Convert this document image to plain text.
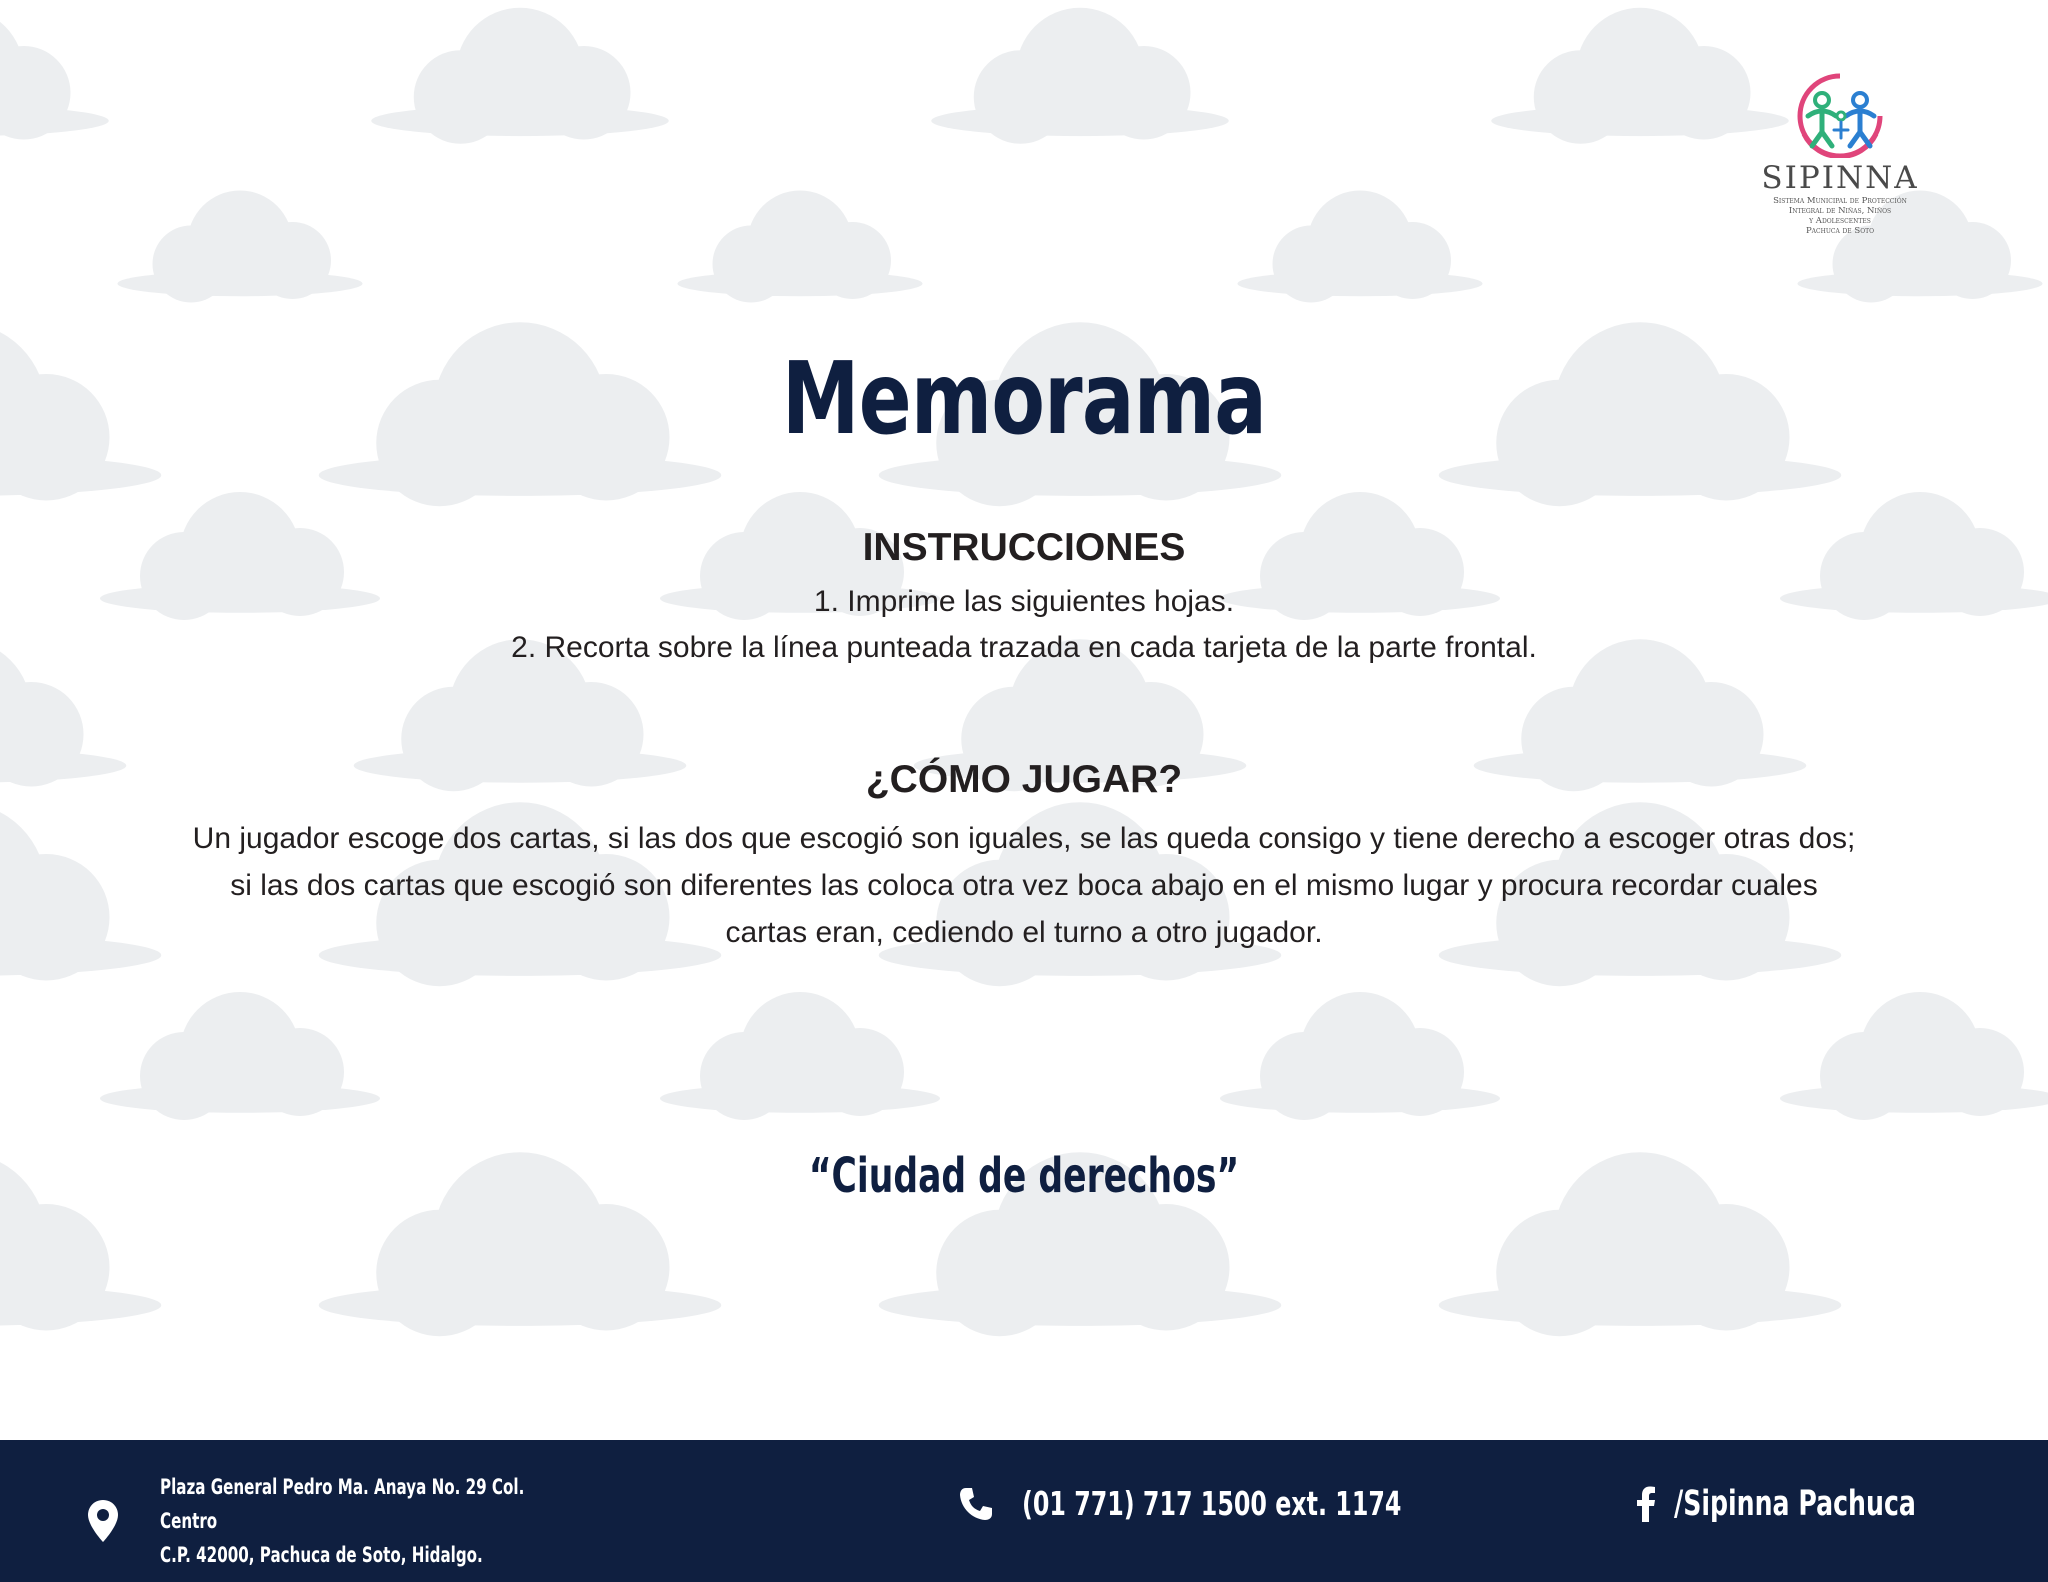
SIPINNA
Sistema Municipal de Protección
Integral de Niñas, Niños
y Adolescentes
Pachuca de Soto
Memorama
INSTRUCCIONES
1. Imprime las siguientes hojas.
2. Recorta sobre la línea punteada trazada en cada tarjeta de la parte frontal.
¿CÓMO JUGAR?
Un jugador escoge dos cartas, si las dos que escogió son iguales, se las queda consigo y tiene derecho a escoger otras dos;
si las dos cartas que escogió son diferentes las coloca otra vez boca abajo en el mismo lugar y procura recordar cuales
cartas eran, cediendo el turno a otro jugador.
“Ciudad de derechos”
Plaza General Pedro Ma. Anaya No. 29 Col. Centro
C.P. 42000, Pachuca de Soto, Hidalgo.
(01 771) 717 1500 ext. 1174	/Sipinna Pachuca
